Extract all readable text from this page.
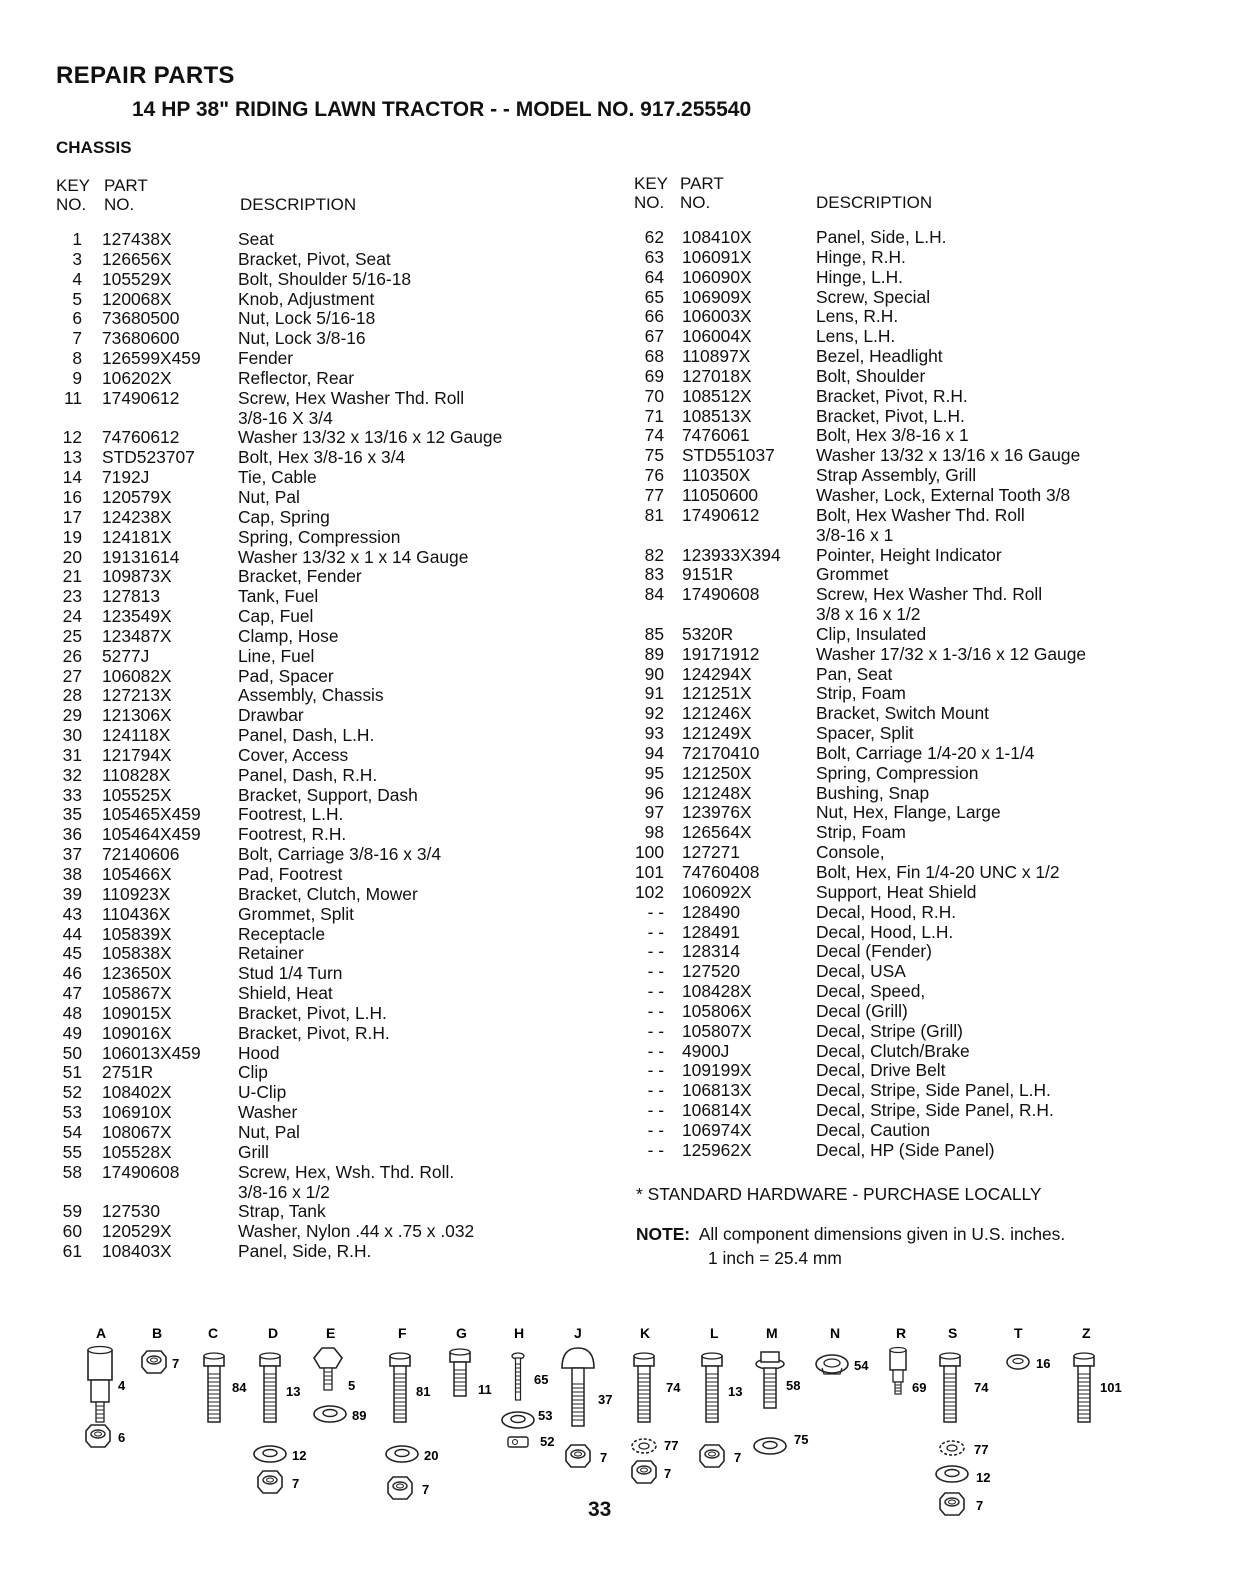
REPAIR PARTS
14 HP 38" RIDING LAWN TRACTOR - - MODEL NO. 917.255540
CHASSIS
KEY
NO.
PART
NO.	DESCRIPTION
KEY
NO.
PART
NO.	DESCRIPTION
1 127438X	Seat
3 126656X	Bracket, Pivot, Seat
4 105529X	Bolt, Shoulder 5/16-18
5 120068X	Knob, Adjustment
6 73680500	Nut, Lock 5/16-18
7 73680600	Nut, Lock 3/8-16
8 126599X459 Fender
9 106202X	Reflector, Rear
11 17490612	Screw, Hex Washer Thd. Roll
3/8-16 X 3/4
12 74760612	Washer 13/32 x 13/16 x 12 Gauge
13 STD523707 Bolt, Hex 3/8-16 x 3/4
14 7192J	Tie, Cable
16 120579X	Nut, Pal
17 124238X	Cap, Spring
19 124181X	Spring, Compression
20 19131614	Washer 13/32 x 1 x 14 Gauge
21 109873X	Bracket, Fender
23 127813	Tank, Fuel
24 123549X	Cap, Fuel
25 123487X	Clamp, Hose
26 5277J	Line, Fuel
27 106082X	Pad, Spacer
28 127213X	Assembly, Chassis
29 121306X	Drawbar
30 124118X	Panel, Dash, L.H.
31 121794X	Cover, Access
32 110828X	Panel, Dash, R.H.
33 105525X	Bracket, Support, Dash
35 105465X459 Footrest, L.H.
36 105464X459 Footrest, R.H.
37 72140606	Bolt, Carriage 3/8-16 x 3/4
38 105466X	Pad, Footrest
39 110923X	Bracket, Clutch, Mower
43 110436X	Grommet, Split
44 105839X	Receptacle
45 105838X	Retainer
46 123650X	Stud 1/4 Turn
47 105867X	Shield, Heat
48 109015X	Bracket, Pivot, L.H.
49 109016X	Bracket, Pivot, R.H.
50 106013X459 Hood
51 2751R	Clip
52 108402X	U-Clip
53 106910X	Washer
54 108067X	Nut, Pal
55 105528X	Grill
58 17490608	Screw, Hex, Wsh. Thd. Roll.
3/8-16 x 1/2
59 127530	Strap, Tank
60 120529X	Washer, Nylon .44 x .75 x .032
61 108403X	Panel, Side, R.H.
62 108410X	Panel, Side, L.H.
63 106091X	Hinge, R.H.
64 106090X	Hinge, L.H.
65 106909X	Screw, Special
66 106003X	Lens, R.H.
67 106004X	Lens, L.H.
68 110897X	Bezel, Headlight
69 127018X	Bolt, Shoulder
70 108512X	Bracket, Pivot, R.H.
71 108513X	Bracket, Pivot, L.H.
74 7476061	Bolt, Hex 3/8-16 x 1
75 STD551037 Washer 13/32 x 13/16 x 16 Gauge
76 110350X	Strap Assembly, Grill
77 11050600	Washer, Lock, External Tooth 3/8
81 17490612	Bolt, Hex Washer Thd. Roll
3/8-16 x 1
82 123933X394 Pointer, Height Indicator
83 9151R	Grommet
84 17490608	Screw, Hex Washer Thd. Roll
3/8 x 16 x 1/2
85 5320R	Clip, Insulated
89 19171912	Washer 17/32 x 1-3/16 x 12 Gauge
90 124294X	Pan, Seat
91 121251X	Strip, Foam
92 121246X	Bracket, Switch Mount
93 121249X	Spacer, Split
94 72170410	Bolt, Carriage 1/4-20 x 1-1/4
95 121250X	Spring, Compression
96 121248X	Bushing, Snap
97 123976X	Nut, Hex, Flange, Large
98 126564X	Strip, Foam
100 127271	Console,
101 74760408	Bolt, Hex, Fin 1/4-20 UNC x 1/2
102 106092X	Support, Heat Shield
- - 128490	Decal, Hood, R.H.
- - 128491	Decal, Hood, L.H.
- - 128314	Decal (Fender)
- - 127520	Decal, USA
- - 108428X	Decal, Speed,
- - 105806X	Decal (Grill)
- - 105807X	Decal, Stripe (Grill)
- - 4900J	Decal, Clutch/Brake
- - 109199X	Decal, Drive Belt
- - 106813X	Decal, Stripe, Side Panel, L.H.
- - 106814X	Decal, Stripe, Side Panel, R.H.
- - 106974X	Decal, Caution
- - 125962X	Decal, HP (Side Panel)
* STANDARD HARDWARE - PURCHASE LOCALLY
NOTE: All component dimensions given in U.S. inches.
1 inch = 25.4 mm
A	B	C	D	E	F	G	H	J	K	L	M	N	R	S	T	Z
4
6
7
84	13
12
7
5
89
81
20
7
11
65
53
52
37
7
74
77
7
13
7
58
75
54
69	74
77
12
7
16
101
33
